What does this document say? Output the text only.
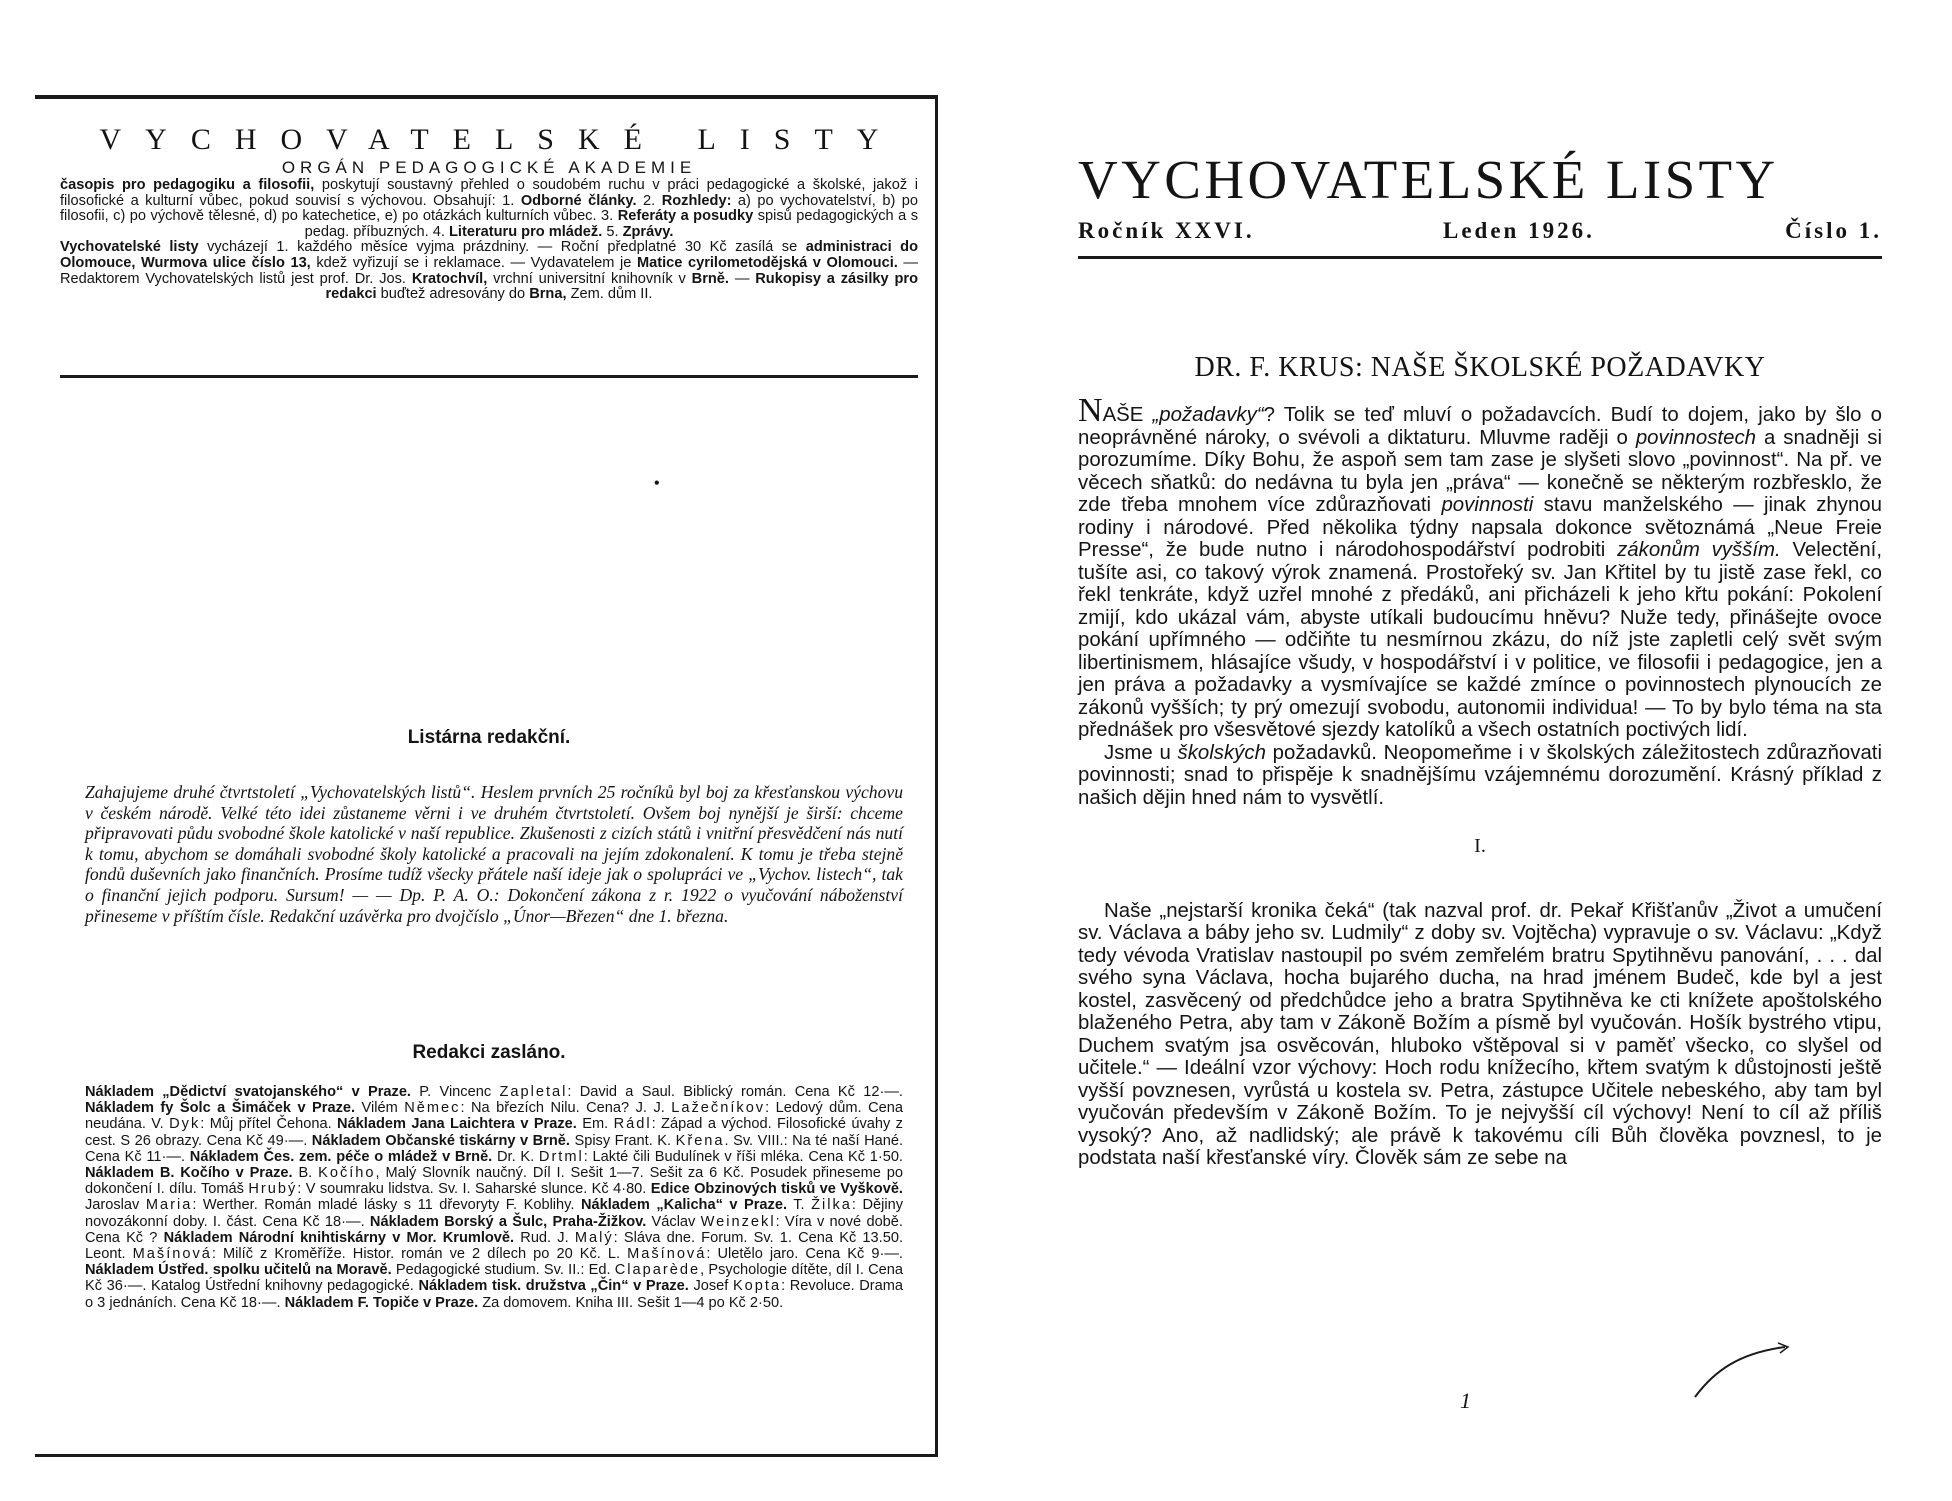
VYCHOVATELSKÉ LISTY
ORGÁN PEDAGOGICKÉ AKADEMIE
časopis pro pedagogiku a filosofii, poskytují soustavný přehled o soudobém ruchu v práci pedagogické a školské, jakož i filosofické a kulturní vůbec, pokud souvisí s výchovou. Obsahují: 1. Odborné články. 2. Rozhledy: a) po vychovatelství, b) po filosofii, c) po výchově tělesné, d) po katechetice, e) po otázkách kulturních vůbec. 3. Referáty a posudky spisů pedagogických a s pedag. příbuzných. 4. Literaturu pro mládež. 5. Zprávy.
Vychovatelské listy vycházejí 1. každého měsíce vyjma prázdniny. — Roční předplatné 30 Kč zasílá se administraci do Olomouce, Wurmova ulice číslo 13, kdež vyřizují se i reklamace. — Vydavatelem je Matice cyrilometodějská v Olomouci. — Redaktorem Vychovatelských listů jest prof. Dr. Jos. Kratochvíl, vrchní universitní knihovník v Brně. — Rukopisy a zásilky pro redakci buďtež adresovány do Brna, Zem. dům II.
•
Listárna redakční.
Zahajujeme druhé čtvrtstoletí „Vychovatelských listů“. Heslem prvních 25 ročníků byl boj za křesťanskou výchovu v českém národě. Velké této idei zůstaneme věrni i ve druhém čtvrtstoletí. Ovšem boj nynější je širší: chceme připravovati půdu svobodné škole katolické v naší republice. Zkušenosti z cizích států i vnitřní přesvědčení nás nutí k tomu, abychom se domáhali svobodné školy katolické a pracovali na jejím zdokonalení. K tomu je třeba stejně fondů duševních jako finančních. Prosíme tudíž všecky přátele naší ideje jak o spolupráci ve „Vychov. listech“, tak o finanční jejich podporu. Sursum! — — Dp. P. A. O.: Dokončení zákona z r. 1922 o vyučování náboženství přineseme v příštím čísle. Redakční uzávěrka pro dvojčíslo „Únor—Březen“ dne 1. března.
Redakci zasláno.
Nákladem „Dědictví svatojanského“ v Praze. P. Vincenc Zapletal: David a Saul. Biblický román. Cena Kč 12·—. Nákladem fy Šolc a Šimáček v Praze. Vilém Němec: Na březích Nilu. Cena? J. J. Lažečníkov: Ledový dům. Cena neudána. V. Dyk: Můj přítel Čehona. Nákladem Jana Laichtera v Praze. Em. Rádl: Západ a východ. Filosofické úvahy z cest. S 26 obrazy. Cena Kč 49·—. Nákladem Občanské tiskárny v Brně. Spisy Frant. K. Křena. Sv. VIII.: Na té naší Hané. Cena Kč 11·—. Nákladem Čes. zem. péče o mládež v Brně. Dr. K. Drtml: Lakté čili Budulínek v říši mléka. Cena Kč 1·50. Nákladem B. Kočího v Praze. B. Kočího, Malý Slovník naučný. Díl I. Sešit 1—7. Sešit za 6 Kč. Posudek přineseme po dokončení I. dílu. Tomáš Hrubý: V soumraku lidstva. Sv. I. Saharské slunce. Kč 4·80. Edice Obzinových tisků ve Vyškově. Jaroslav Maria: Werther. Román mladé lásky s 11 dřevoryty F. Koblihy. Nákladem „Kalicha“ v Praze. T. Žilka: Dějiny novozákonní doby. I. část. Cena Kč 18·—. Nákladem Borský a Šulc, Praha-Žižkov. Václav Weinzekl: Víra v nové době. Cena Kč ? Nákladem Národní knihtiskárny v Mor. Krumlově. Rud. J. Malý: Sláva dne. Forum. Sv. 1. Cena Kč 13.50. Leont. Mašínová: Milíč z Kroměříže. Histor. román ve 2 dílech po 20 Kč. L. Mašínová: Uletělo jaro. Cena Kč 9·—. Nákladem Ústřed. spolku učitelů na Moravě. Pedagogické studium. Sv. II.: Ed. Claparède, Psychologie dítěte, díl I. Cena Kč 36·—. Katalog Ústřední knihovny pedagogické. Nákladem tisk. družstva „Čin“ v Praze. Josef Kopta: Revoluce. Drama o 3 jednáních. Cena Kč 18·—. Nákladem F. Topiče v Praze. Za domovem. Kniha III. Sešit 1—4 po Kč 2·50.
VYCHOVATELSKÉ LISTY
Ročník XXVI.	Leden 1926.	Číslo 1.
DR. F. KRUS: NAŠE ŠKOLSKÉ POŽADAVKY

NAŠE „požadavky“? Tolik se teď mluví o požadavcích. Budí to dojem, jako by šlo o neoprávněné nároky, o svévoli a diktaturu. Mluvme raději o povinnostech a snadněji si porozumíme. Díky Bohu, že aspoň sem tam zase je slyšeti slovo „povinnost“. Na př. ve věcech sňatků: do nedávna tu byla jen „práva“ — konečně se některým rozbřesklo, že zde třeba mnohem více zdůrazňovati povinnosti stavu manželského — jinak zhynou rodiny i národové. Před několika týdny napsala dokonce světoznámá „Neue Freie Presse“, že bude nutno i národohospodářství podrobiti zákonům vyšším. Velectění, tušíte asi, co takový výrok znamená. Prostořeký sv. Jan Křtitel by tu jistě zase řekl, co řekl tenkráte, když uzřel mnohé z předáků, ani přicházeli k jeho křtu pokání: Pokolení zmijí, kdo ukázal vám, abyste utíkali budoucímu hněvu? Nuže tedy, přinášejte ovoce pokání upřímného — odčiňte tu nesmírnou zkázu, do níž jste zapletli celý svět svým libertinismem, hlásajíce všudy, v hospodářství i v politice, ve filosofii i pedagogice, jen a jen práva a požadavky a vysmívajíce se každé zmínce o povinnostech plynoucích ze zákonů vyšších; ty prý omezují svobodu, autonomii individua! — To by bylo téma na sta přednášek pro všesvětové sjezdy katolíků a všech ostatních poctivých lidí.

Jsme u školských požadavků. Neopomeňme i v školských záležitostech zdůrazňovati povinnosti; snad to přispěje k snadnějšímu vzájemnému dorozumění. Krásný příklad z našich dějin hned nám to vysvětlí.

I.

Naše „nejstarší kronika čeká“ (tak nazval prof. dr. Pekař Křišťanův „Život a umučení sv. Václava a báby jeho sv. Ludmily“ z doby sv. Vojtěcha) vypravuje o sv. Václavu: „Když tedy vévoda Vratislav nastoupil po svém zemřelém bratru Spytihněvu panování, . . . dal svého syna Václava, hocha bujarého ducha, na hrad jménem Budeč, kde byl a jest kostel, zasvěcený od předchůdce jeho a bratra Spytihněva ke cti knížete apoštolského blaženého Petra, aby tam v Zákoně Božím a písmě byl vyučován. Hošík bystrého vtipu, Duchem svatým jsa osvěcován, hluboko vštěpoval si v paměť všecko, co slyšel od učitele.“ — Ideální vzor výchovy: Hoch rodu knížecího, křtem svatým k důstojnosti ještě vyšší povznesen, vyrůstá u kostela sv. Petra, zástupce Učitele nebeského, aby tam byl vyučován především v Zákoně Božím. To je nejvyšší cíl výchovy! Není to cíl až příliš vysoký? Ano, až nadlidský; ale právě k takovému cíli Bůh člověka povznesl, to je podstata naší křesťanské víry. Člověk sám ze sebe na

1
